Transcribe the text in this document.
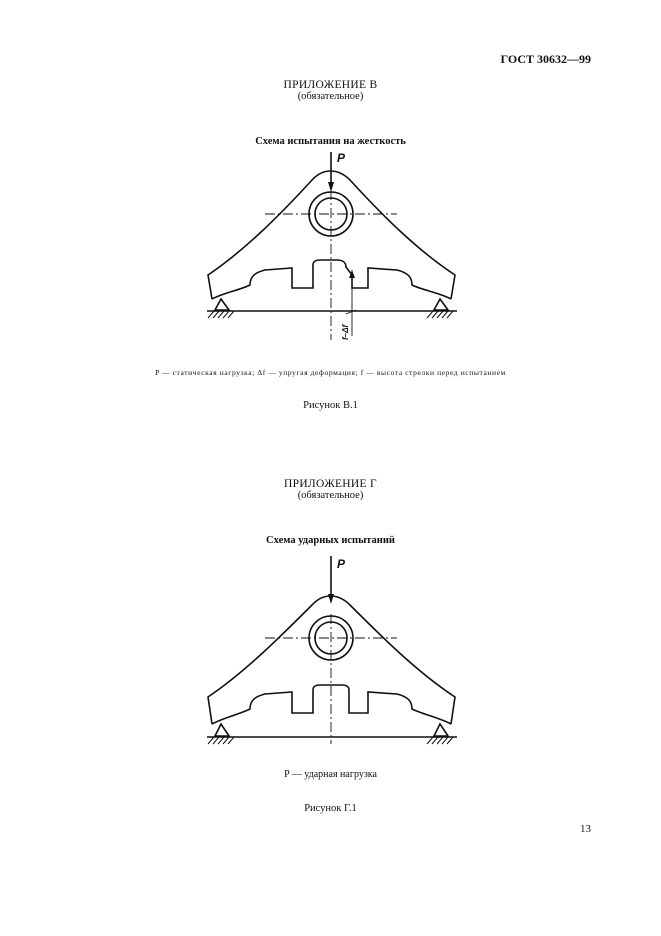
ГОСТ 30632—99
ПРИЛОЖЕНИЕ В
(обязательное)
Схема испытания на жесткость
P
f–Δf
P — статическая нагрузка; Δf — упругая деформация; f — высота стрелки перед испытанием
Рисунок В.1
ПРИЛОЖЕНИЕ Г
(обязательное)
Схема ударных испытаний
P
P — ударная нагрузка
Рисунок Г.1
13
